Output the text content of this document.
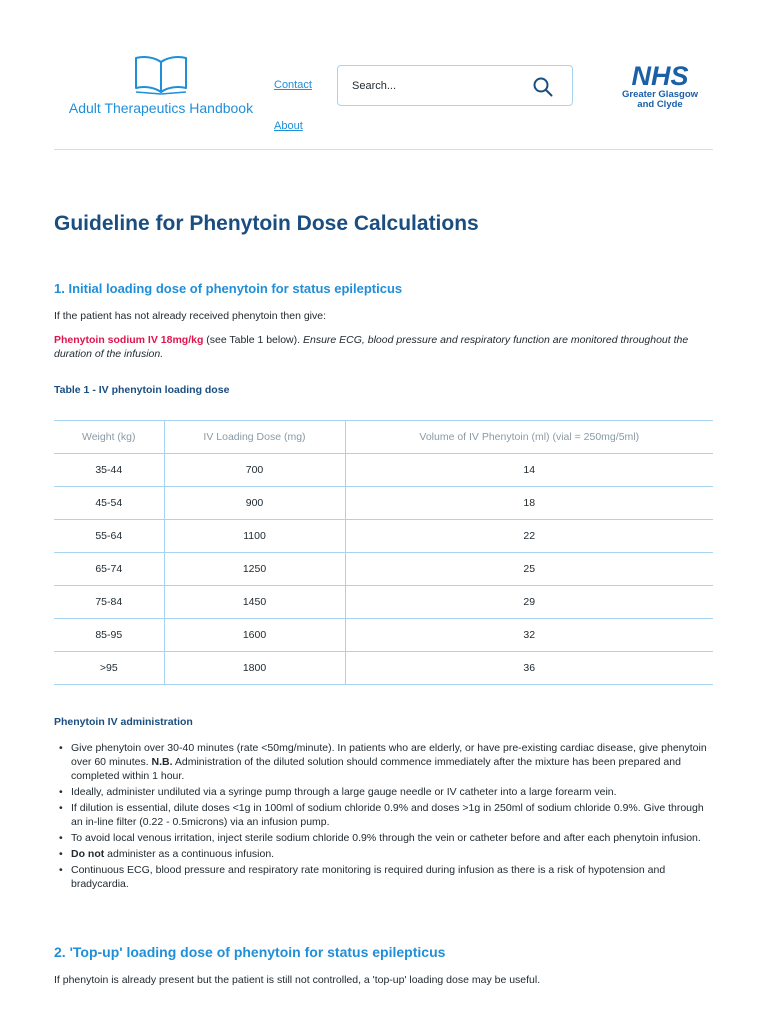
Adult Therapeutics Handbook
Contact
About
Search...
NHS
Greater Glasgow
and Clyde
Guideline for Phenytoin Dose Calculations
1. Initial loading dose of phenytoin for status epilepticus

If the patient has not already received phenytoin then give:

Phenytoin sodium IV 18mg/kg (see Table 1 below). Ensure ECG, blood pressure and respiratory function are monitored throughout the duration of the infusion.

Table 1 - IV phenytoin loading dose
Weight (kg)	IV Loading Dose (mg)	Volume of IV Phenytoin (ml) (vial = 250mg/5ml)
35-44	700	14
45-54	900	18
55-64	1100	22
65-74	1250	25
75-84	1450	29
85-95	1600	32
>95	1800	36
Phenytoin IV administration
• Give phenytoin over 30-40 minutes (rate <50mg/minute). In patients who are elderly, or have pre-existing cardiac disease, give phenytoin over 60 minutes. N.B. Administration of the diluted solution should commence immediately after the mixture has been prepared and completed within 1 hour.
• Ideally, administer undiluted via a syringe pump through a large gauge needle or IV catheter into a large forearm vein.
• If dilution is essential, dilute doses <1g in 100ml of sodium chloride 0.9% and doses >1g in 250ml of sodium chloride 0.9%. Give through an in-line filter (0.22 - 0.5microns) via an infusion pump.
• To avoid local venous irritation, inject sterile sodium chloride 0.9% through the vein or catheter before and after each phenytoin infusion.
• Do not administer as a continuous infusion.
• Continuous ECG, blood pressure and respiratory rate monitoring is required during infusion as there is a risk of hypotension and bradycardia.
2. 'Top-up' loading dose of phenytoin for status epilepticus

If phenytoin is already present but the patient is still not controlled, a 'top-up' loading dose may be useful.
